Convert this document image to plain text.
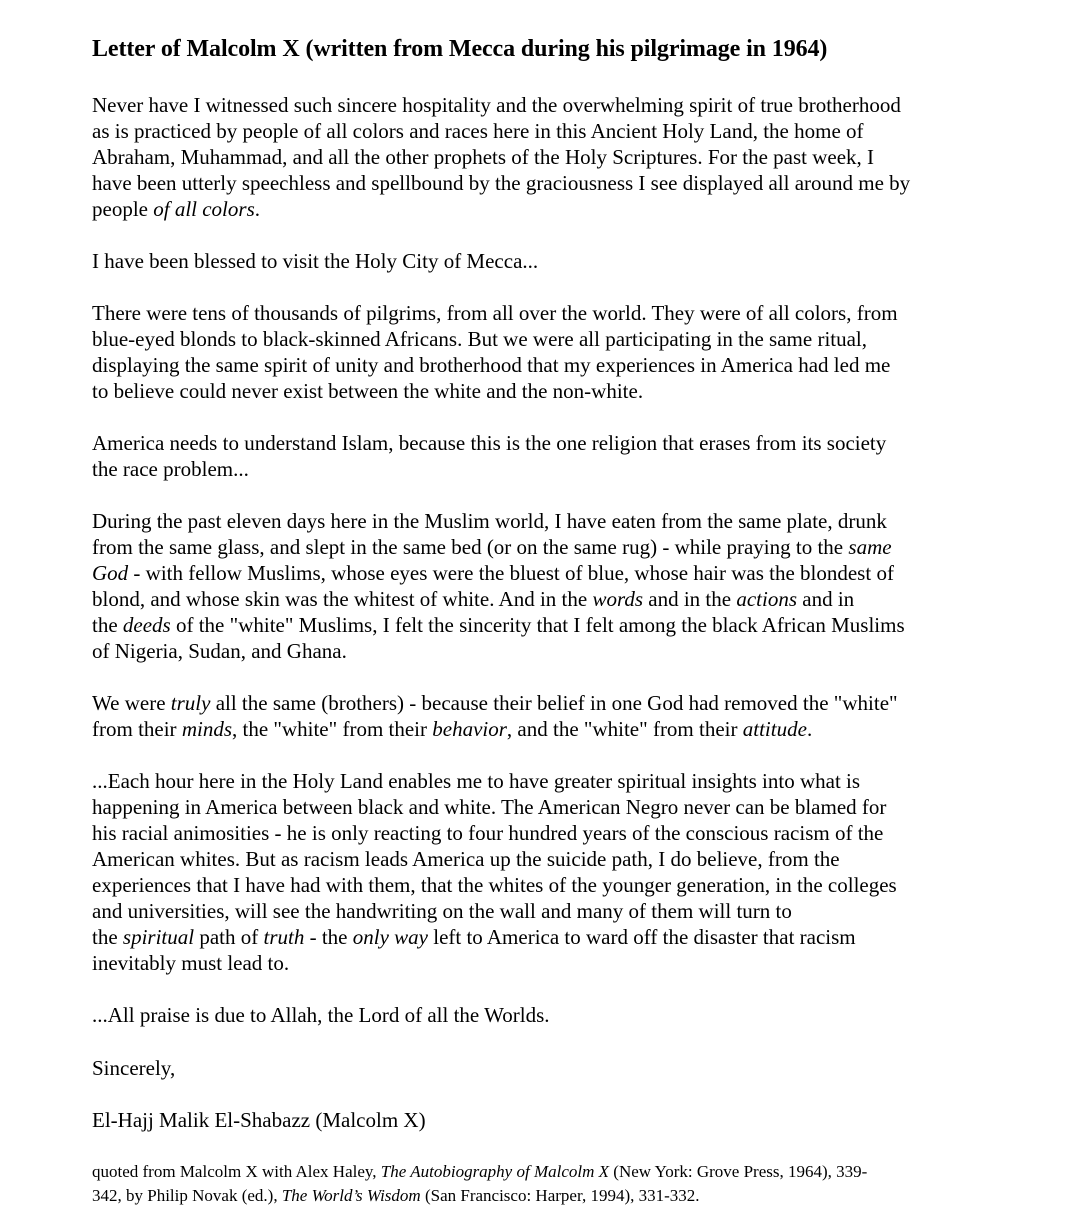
Letter of Malcolm X (written from Mecca during his pilgrimage in 1964)

Never have I witnessed such sincere hospitality and the overwhelming spirit of true brotherhood
as is practiced by people of all colors and races here in this Ancient Holy Land, the home of
Abraham, Muhammad, and all the other prophets of the Holy Scriptures. For the past week, I
have been utterly speechless and spellbound by the graciousness I see displayed all around me by
people of all colors.

I have been blessed to visit the Holy City of Mecca...

There were tens of thousands of pilgrims, from all over the world. They were of all colors, from
blue-eyed blonds to black-skinned Africans. But we were all participating in the same ritual,
displaying the same spirit of unity and brotherhood that my experiences in America had led me
to believe could never exist between the white and the non-white.

America needs to understand Islam, because this is the one religion that erases from its society
the race problem...

During the past eleven days here in the Muslim world, I have eaten from the same plate, drunk
from the same glass, and slept in the same bed (or on the same rug) - while praying to the same
God - with fellow Muslims, whose eyes were the bluest of blue, whose hair was the blondest of
blond, and whose skin was the whitest of white. And in the words and in the actions and in
the deeds of the "white" Muslims, I felt the sincerity that I felt among the black African Muslims
of Nigeria, Sudan, and Ghana.

We were truly all the same (brothers) - because their belief in one God had removed the "white"
from their minds, the "white" from their behavior, and the "white" from their attitude.

...Each hour here in the Holy Land enables me to have greater spiritual insights into what is
happening in America between black and white. The American Negro never can be blamed for
his racial animosities - he is only reacting to four hundred years of the conscious racism of the
American whites. But as racism leads America up the suicide path, I do believe, from the
experiences that I have had with them, that the whites of the younger generation, in the colleges
and universities, will see the handwriting on the wall and many of them will turn to
the spiritual path of truth - the only way left to America to ward off the disaster that racism
inevitably must lead to.

...All praise is due to Allah, the Lord of all the Worlds.

Sincerely,

El-Hajj Malik El-Shabazz (Malcolm X)

quoted from Malcolm X with Alex Haley, The Autobiography of Malcolm X (New York: Grove Press, 1964), 339-
342, by Philip Novak (ed.), The World’s Wisdom (San Francisco: Harper, 1994), 331-332.
